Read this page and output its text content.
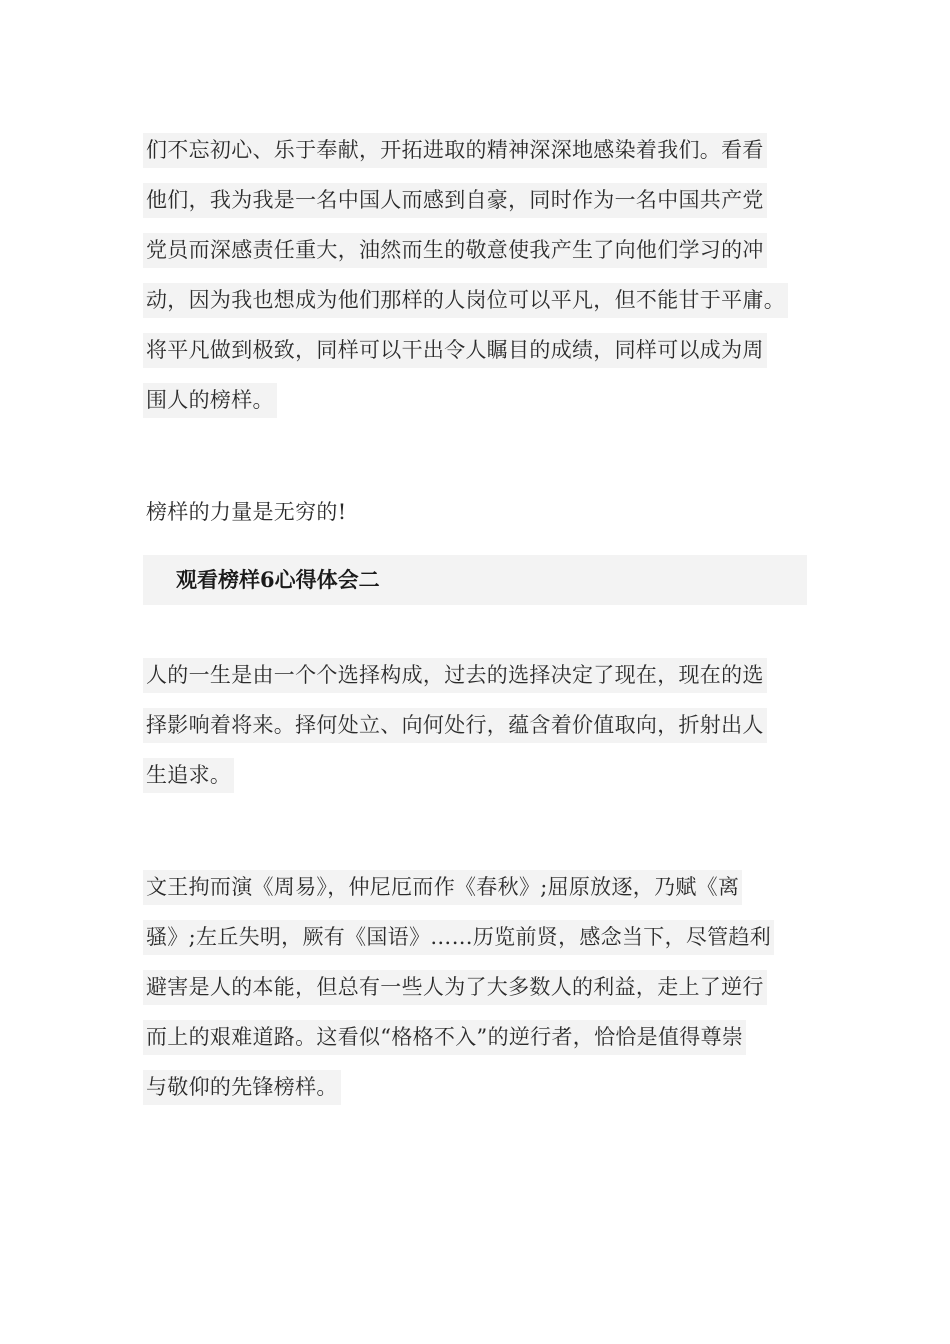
们不忘初心、乐于奉献，开拓进取的精神深深地感染着我们。看看
他们，我为我是一名中国人而感到自豪，同时作为一名中国共产党
党员而深感责任重大，油然而生的敬意使我产生了向他们学习的冲
动，因为我也想成为他们那样的人岗位可以平凡，但不能甘于平庸。
将平凡做到极致，同样可以干出令人瞩目的成绩，同样可以成为周
围人的榜样。
榜样的力量是无穷的!
观看榜样6心得体会二
人的一生是由一个个选择构成，过去的选择决定了现在，现在的选
择影响着将来。择何处立、向何处行，蕴含着价值取向，折射出人
生追求。
文王拘而演《周易》，仲尼厄而作《春秋》;屈原放逐，乃赋《离
骚》;左丘失明，厥有《国语》……历览前贤，感念当下，尽管趋利
避害是人的本能，但总有一些人为了大多数人的利益，走上了逆行
而上的艰难道路。这看似“格格不入”的逆行者，恰恰是值得尊崇
与敬仰的先锋榜样。
